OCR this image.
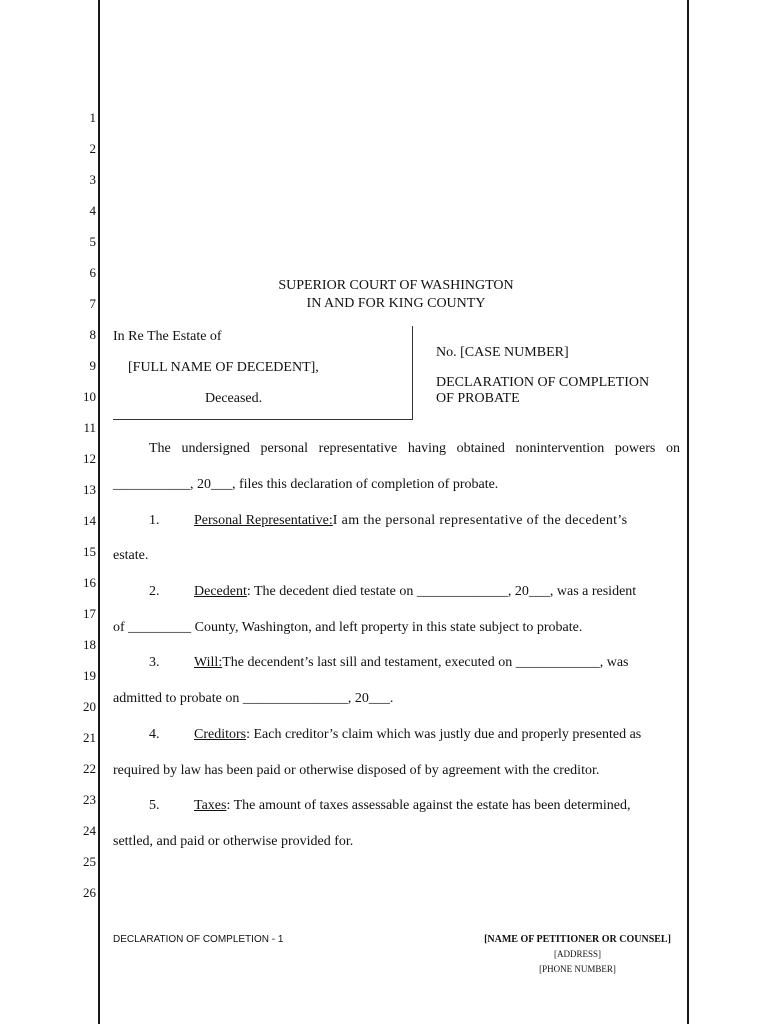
1
2
3
4
5
6
7
8
9
10
11
12
13
14
15
16
17
18
19
20
21
22
23
24
25
26
SUPERIOR COURT OF WASHINGTON
IN AND FOR KING COUNTY
In Re The Estate of
[FULL NAME OF DECEDENT],
Deceased.
No. [CASE NUMBER]
DECLARATION OF COMPLETION
OF PROBATE
The undersigned personal representative having obtained nonintervention powers on
___________, 20___, files this declaration of completion of probate.
1.	Personal Representative: I am the personal representative of the decedent’s
estate.
2.	Decedent : The decedent died testate on _____________, 20___, was a resident
of _________ County, Washington, and left property in this state subject to probate.
3.	Will: The decendent’s last sill and testament, executed on ____________, was
admitted to probate on _______________, 20___.
4.	Creditors : Each creditor’s claim which was justly due and properly presented as
required by law has been paid or otherwise disposed of by agreement with the creditor.
5.	Taxes : The amount of taxes assessable against the estate has been determined,
settled, and paid or otherwise provided for.
DECLARATION OF COMPLETION - 1	[NAME OF PETITIONER OR COUNSEL]
[ADDRESS]
[PHONE NUMBER]
